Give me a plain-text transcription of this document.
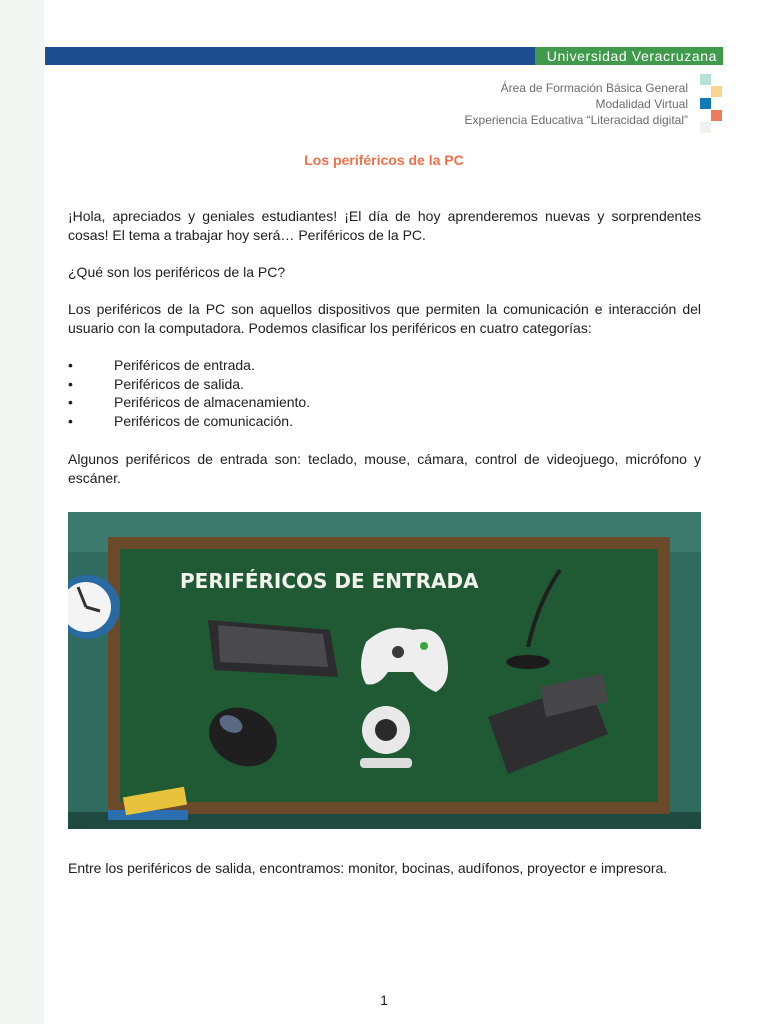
Universidad Veracruzana
Área de Formación Básica General
Modalidad Virtual
Experiencia Educativa “Literacidad digital”
Los periféricos de la PC
¡Hola, apreciados y geniales estudiantes! ¡El día de hoy aprenderemos nuevas y sorprendentes cosas! El tema a trabajar hoy será… Periféricos de la PC.
¿Qué son los periféricos de la PC?
Los periféricos de la PC son aquellos dispositivos que permiten la comunicación e interacción del usuario con la computadora. Podemos clasificar los periféricos en cuatro categorías:
•	Periféricos de entrada.
•	Periféricos de salida.
•	Periféricos de almacenamiento.
•	Periféricos de comunicación.
Algunos periféricos de entrada son: teclado, mouse, cámara, control de videojuego, micrófono y escáner.
PERIFÉRICOS DE ENTRADA
Entre los periféricos de salida, encontramos: monitor, bocinas, audífonos, proyector e impresora.
1
